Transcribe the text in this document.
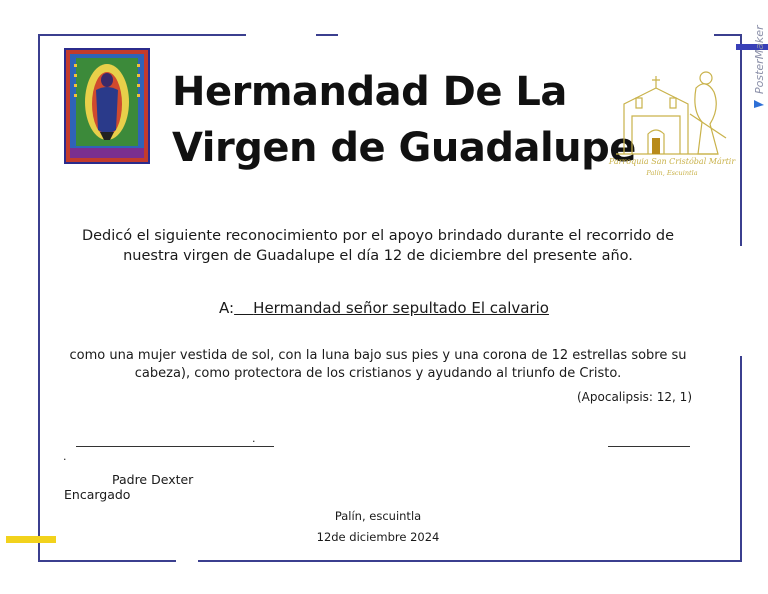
Hermandad De La
Virgen de Guadalupe
Parroquia San Cristóbal Mártir
Palín, Escuintla
PosterMaker
Dedicó el siguiente reconocimiento por el apoyo brindado durante el recorrido de nuestra virgen de Guadalupe el día 12 de diciembre del presente año.
A: Hermandad señor sepultado El calvario
como una mujer vestida de sol, con la luna bajo sus pies y una corona de 12 estrellas sobre su cabeza), como protectora de los cristianos y ayudando al triunfo de Cristo.
(Apocalipsis: 12, 1)
.
.
Padre Dexter
Encargado
Palín, escuintla
12de diciembre 2024
